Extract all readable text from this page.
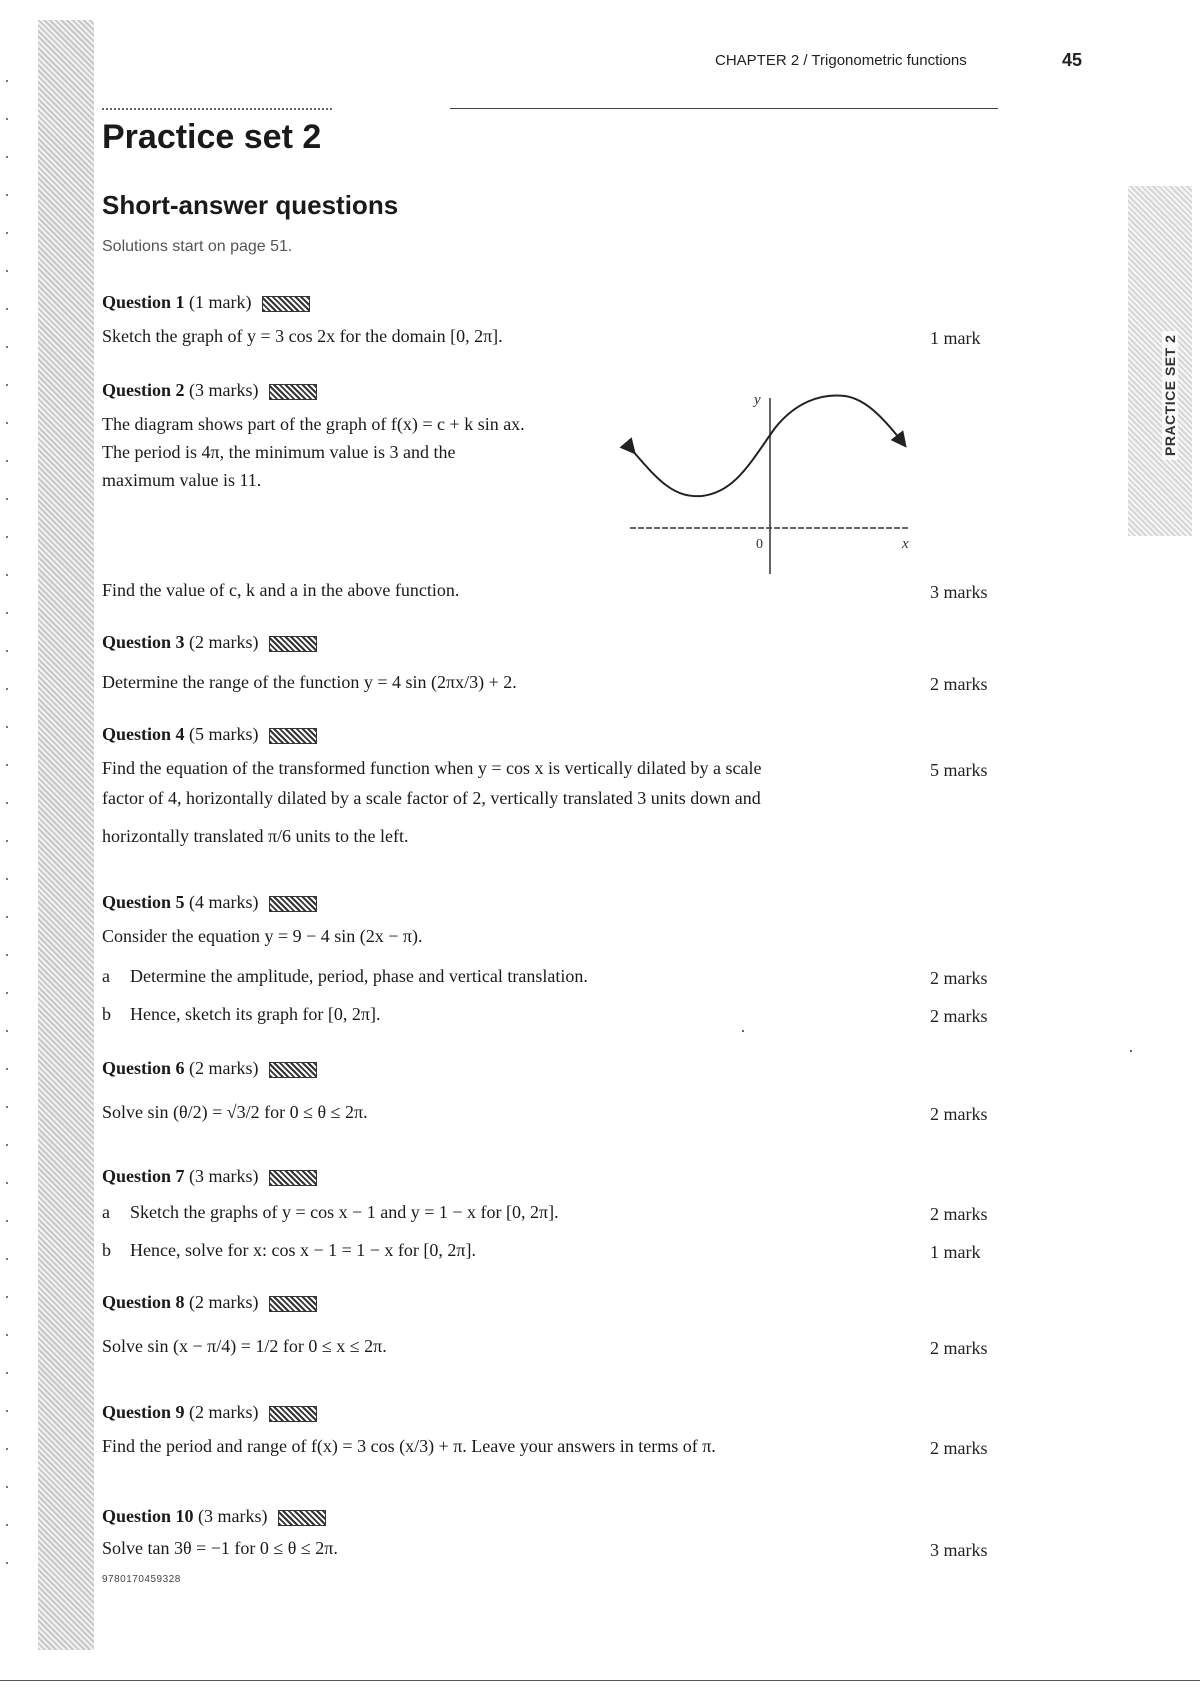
CHAPTER 2 / Trigonometric functions	45
PRACTICE SET 2
Practice set 2
Short-answer questions
Solutions start on page 51.
Question 1 (1 mark)
Sketch the graph of y = 3 cos 2x for the domain [0, 2π].	1 mark
Question 2 (3 marks)
The diagram shows part of the graph of f(x) = c + k sin ax.
The period is 4π, the minimum value is 3 and the
maximum value is 11.
y
x
0
Find the value of c, k and a in the above function.	3 marks
Question 3 (2 marks)
Determine the range of the function y = 4 sin (2πx/3) + 2.	2 marks
Question 4 (5 marks)
Find the equation of the transformed function when y = cos x is vertically dilated by a scale	5 marks
factor of 4, horizontally dilated by a scale factor of 2, vertically translated 3 units down and
horizontally translated π/6 units to the left.
Question 5 (4 marks)
Consider the equation y = 9 − 4 sin (2x − π).
a Determine the amplitude, period, phase and vertical translation.	2 marks
b Hence, sketch its graph for [0, 2π].	2 marks
Question 6 (2 marks)
Solve sin (θ/2) = √3/2 for 0 ≤ θ ≤ 2π.	2 marks
Question 7 (3 marks)
a Sketch the graphs of y = cos x − 1 and y = 1 − x for [0, 2π].	2 marks
b Hence, solve for x: cos x − 1 = 1 − x for [0, 2π].	1 mark
Question 8 (2 marks)
Solve sin (x − π/4) = 1/2 for 0 ≤ x ≤ 2π.	2 marks
Question 9 (2 marks)
Find the period and range of f(x) = 3 cos (x/3) + π. Leave your answers in terms of π.	2 marks
Question 10 (3 marks)
Solve tan 3θ = −1 for 0 ≤ θ ≤ 2π.	3 marks
9780170459328
